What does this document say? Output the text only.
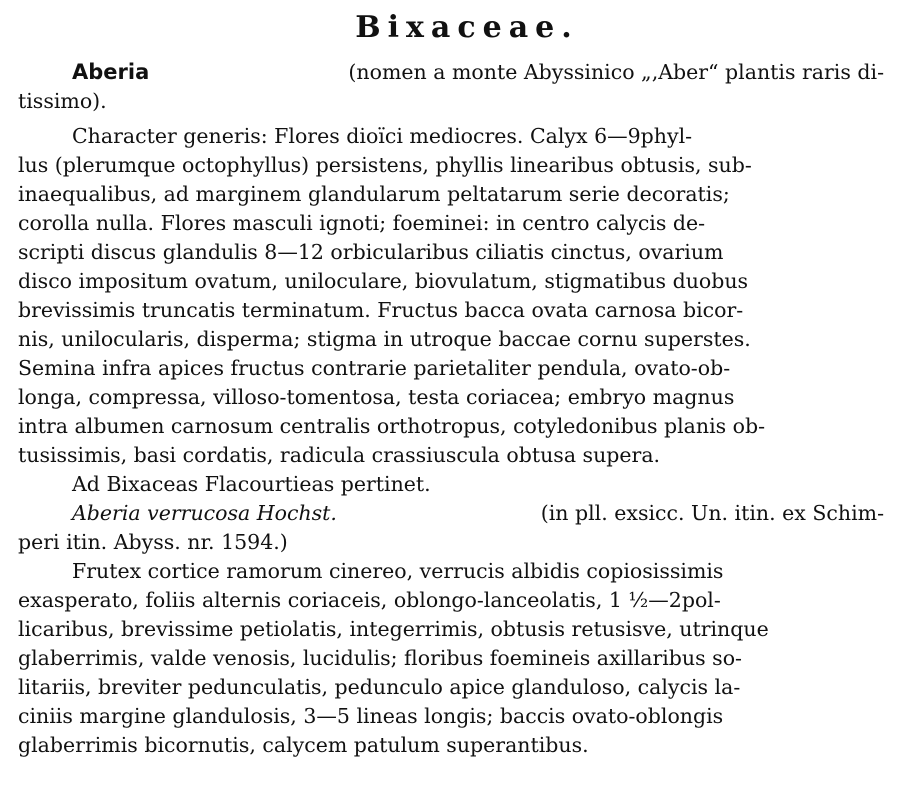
Bixaceae.
Aberia	(nomen a monte Abyssinico „‚Aber“ plantis raris di-
tissimo).
Character generis: Flores dioïci mediocres. Calyx 6—9phyl-
lus (plerumque octophyllus) persistens, phyllis linearibus obtusis, sub-
inaequalibus, ad marginem glandularum peltatarum serie decoratis;
corolla nulla. Flores masculi ignoti; foeminei: in centro calycis de-
scripti discus glandulis 8—12 orbicularibus ciliatis cinctus, ovarium
disco impositum ovatum, uniloculare, biovulatum, stigmatibus duobus
brevissimis truncatis terminatum. Fructus bacca ovata carnosa bicor-
nis, unilocularis, disperma; stigma in utroque baccae cornu superstes.
Semina infra apices fructus contrarie parietaliter pendula, ovato-ob-
longa, compressa, villoso-tomentosa, testa coriacea; embryo magnus
intra albumen carnosum centralis orthotropus, cotyledonibus planis ob-
tusissimis, basi cordatis, radicula crassiuscula obtusa supera.
Ad Bixaceas Flacourtieas pertinet.
Aberia verrucosa Hochst.	(in pll. exsicc. Un. itin. ex Schim-
peri itin. Abyss. nr. 1594.)
Frutex cortice ramorum cinereo, verrucis albidis copiosissimis
exasperato, foliis alternis coriaceis, oblongo-lanceolatis, 1 ½—2pol-
licaribus, brevissime petiolatis, integerrimis, obtusis retusisve, utrinque
glaberrimis, valde venosis, lucidulis; floribus foemineis axillaribus so-
litariis, breviter pedunculatis, pedunculo apice glanduloso, calycis la-
ciniis margine glandulosis, 3—5 lineas longis; baccis ovato-oblongis
glaberrimis bicornutis, calycem patulum superantibus.
